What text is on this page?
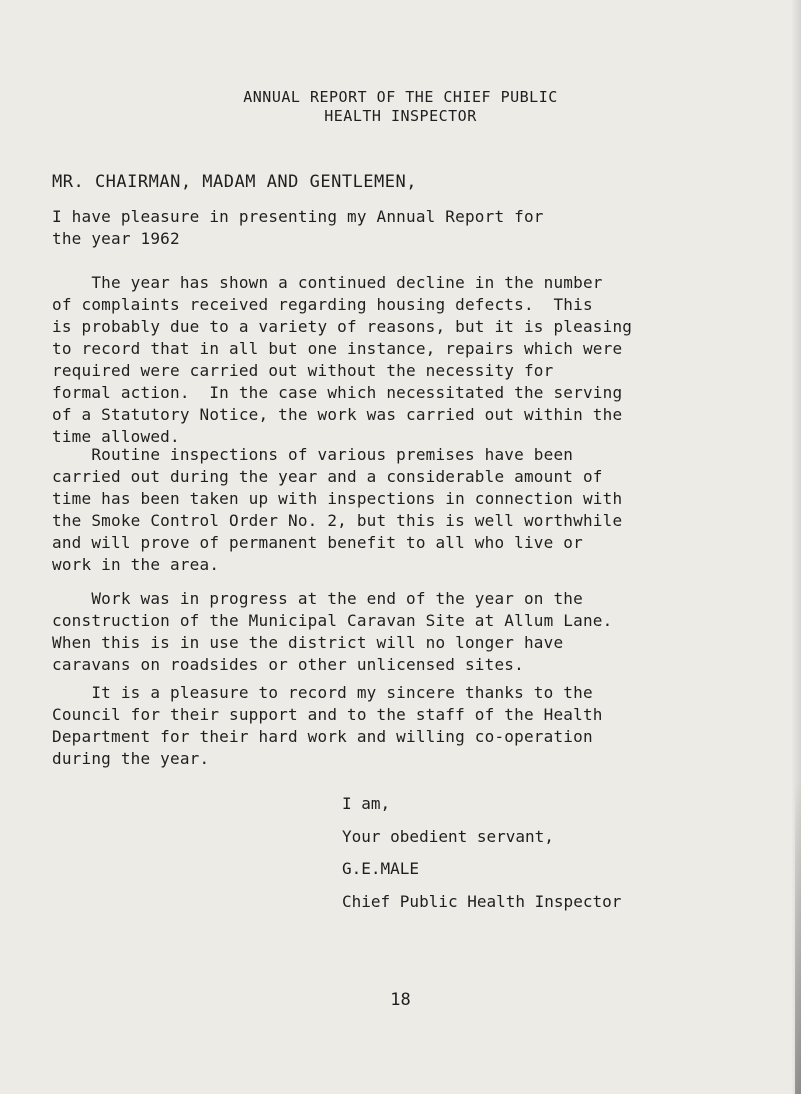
ANNUAL REPORT OF THE CHIEF PUBLIC
HEALTH INSPECTOR
MR. CHAIRMAN, MADAM AND GENTLEMEN,
I have pleasure in presenting my Annual Report for
the year 1962
The year has shown a continued decline in the number
of complaints received regarding housing defects.  This
is probably due to a variety of reasons, but it is pleasing
to record that in all but one instance, repairs which were
required were carried out without the necessity for
formal action.  In the case which necessitated the serving
of a Statutory Notice, the work was carried out within the
time allowed.
Routine inspections of various premises have been
carried out during the year and a considerable amount of
time has been taken up with inspections in connection with
the Smoke Control Order No. 2, but this is well worthwhile
and will prove of permanent benefit to all who live or
work in the area.
Work was in progress at the end of the year on the
construction of the Municipal Caravan Site at Allum Lane.
When this is in use the district will no longer have
caravans on roadsides or other unlicensed sites.
It is a pleasure to record my sincere thanks to the
Council for their support and to the staff of the Health
Department for their hard work and willing co-operation
during the year.
I am,
Your obedient servant,
G.E.MALE
Chief Public Health Inspector
18
